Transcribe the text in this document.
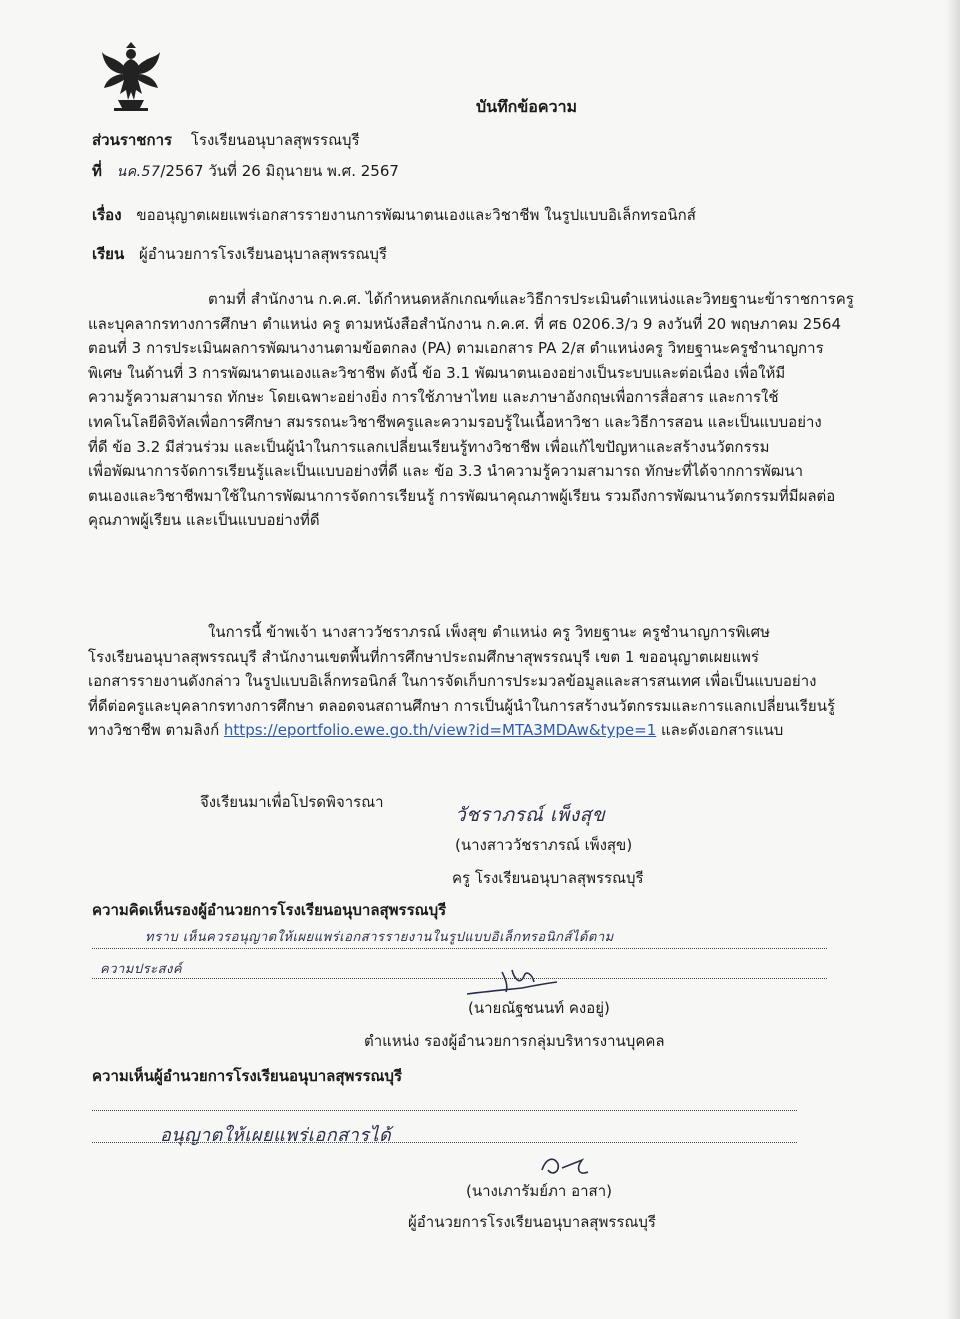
บันทึกข้อความ
ส่วนราชการ โรงเรียนอนุบาลสุพรรณบุรี
ที่ นค.57/2567 วันที่ 26 มิถุนายน พ.ศ. 2567
เรื่อง ขออนุญาตเผยแพร่เอกสารรายงานการพัฒนาตนเองและวิชาชีพ ในรูปแบบอิเล็กทรอนิกส์
เรียน ผู้อำนวยการโรงเรียนอนุบาลสุพรรณบุรี
ตามที่ สำนักงาน ก.ค.ศ. ได้กำหนดหลักเกณฑ์และวิธีการประเมินตำแหน่งและวิทยฐานะข้าราชการครู
และบุคลากรทางการศึกษา ตำแหน่ง ครู ตามหนังสือสำนักงาน ก.ค.ศ. ที่ ศธ 0206.3/ว 9 ลงวันที่ 20 พฤษภาคม 2564
ตอนที่ 3 การประเมินผลการพัฒนางานตามข้อตกลง (PA) ตามเอกสาร PA 2/ส ตำแหน่งครู วิทยฐานะครูชำนาญการ
พิเศษ ในด้านที่ 3 การพัฒนาตนเองและวิชาชีพ ดังนี้ ข้อ 3.1 พัฒนาตนเองอย่างเป็นระบบและต่อเนื่อง เพื่อให้มี
ความรู้ความสามารถ ทักษะ โดยเฉพาะอย่างยิ่ง การใช้ภาษาไทย และภาษาอังกฤษเพื่อการสื่อสาร และการใช้
เทคโนโลยีดิจิทัลเพื่อการศึกษา สมรรถนะวิชาชีพครูและความรอบรู้ในเนื้อหาวิชา และวิธีการสอน และเป็นแบบอย่าง
ที่ดี ข้อ 3.2 มีส่วนร่วม และเป็นผู้นำในการแลกเปลี่ยนเรียนรู้ทางวิชาชีพ เพื่อแก้ไขปัญหาและสร้างนวัตกรรม
เพื่อพัฒนาการจัดการเรียนรู้และเป็นแบบอย่างที่ดี และ ข้อ 3.3 นำความรู้ความสามารถ ทักษะที่ได้จากการพัฒนา
ตนเองและวิชาชีพมาใช้ในการพัฒนาการจัดการเรียนรู้ การพัฒนาคุณภาพผู้เรียน รวมถึงการพัฒนานวัตกรรมที่มีผลต่อ
คุณภาพผู้เรียน และเป็นแบบอย่างที่ดี
ในการนี้ ข้าพเจ้า นางสาววัชราภรณ์ เพ็งสุข ตำแหน่ง ครู วิทยฐานะ ครูชำนาญการพิเศษ
โรงเรียนอนุบาลสุพรรณบุรี สำนักงานเขตพื้นที่การศึกษาประถมศึกษาสุพรรณบุรี เขต 1 ขออนุญาตเผยแพร่
เอกสารรายงานดังกล่าว ในรูปแบบอิเล็กทรอนิกส์ ในการจัดเก็บการประมวลข้อมูลและสารสนเทศ เพื่อเป็นแบบอย่าง
ที่ดีต่อครูและบุคลากรทางการศึกษา ตลอดจนสถานศึกษา การเป็นผู้นำในการสร้างนวัตกรรมและการแลกเปลี่ยนเรียนรู้
ทางวิชาชีพ ตามลิงก์ https://eportfolio.ewe.go.th/view?id=MTA3MDAw&type=1 และดังเอกสารแนบ
จึงเรียนมาเพื่อโปรดพิจารณา
วัชราภรณ์ เพ็งสุข
(นางสาววัชราภรณ์ เพ็งสุข)
ครู โรงเรียนอนุบาลสุพรรณบุรี
ความคิดเห็นรองผู้อำนวยการโรงเรียนอนุบาลสุพรรณบุรี
ทราบ เห็นควรอนุญาตให้เผยแพร่เอกสารรายงานในรูปแบบอิเล็กทรอนิกส์ได้ตาม
ความประสงค์
(นายณัฐชนนท์ คงอยู่)
ตำแหน่ง รองผู้อำนวยการกลุ่มบริหารงานบุคคล
ความเห็นผู้อำนวยการโรงเรียนอนุบาลสุพรรณบุรี
อนุญาตให้เผยแพร่เอกสารได้
(นางเภารัมย์ภา อาสา)
ผู้อำนวยการโรงเรียนอนุบาลสุพรรณบุรี
